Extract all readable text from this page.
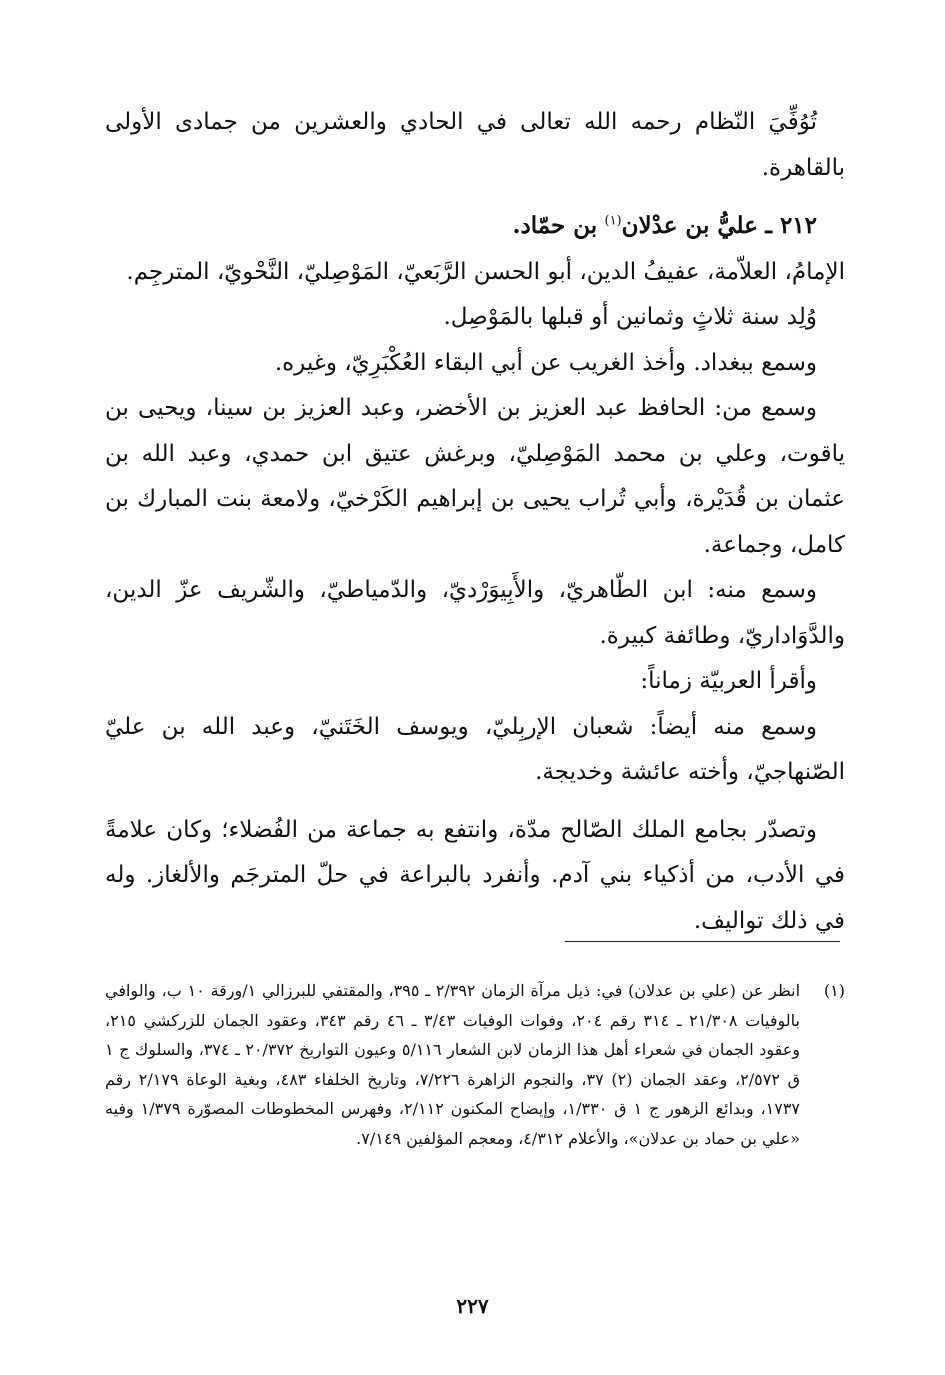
تُوُفِّيَ النّظام رحمه الله تعالى في الحادي والعشرين من جمادى الأولى بالقاهرة.

٢١٢ ـ عليُّ بن عدْلان$^{(١)}$ بن حمّاد.

الإمامُ، العلاّمة، عفيفُ الدين، أبو الحسن الرَّبَعيّ، المَوْصِليّ، النَّحْويّ، المترجِم.

وُلِد سنة ثلاثٍ وثمانين أو قبلها بالمَوْصِل.

وسمع ببغداد. وأخذ الغريب عن أبي البقاء العُكْبَرِيّ، وغيره.

وسمع من: الحافظ عبد العزيز بن الأخضر، وعبد العزيز بن سينا، ويحيى بن ياقوت، وعلي بن محمد المَوْصِليّ، وبرغش عتيق ابن حمدي، وعبد الله بن عثمان بن قُدَيْرة، وأبي تُراب يحيى بن إبراهيم الكَرْخيّ، ولامعة بنت المبارك بن كامل، وجماعة.

وسمع منه: ابن الطّاهريّ، والأَبِيوَرْديّ، والدّمياطيّ، والشّريف عزّ الدين، والدَّوَاداريّ، وطائفة كبيرة.

وأقرأ العربيّة زماناً:

وسمع منه أيضاً: شعبان الإربِليّ، ويوسف الخَتَنيّ، وعبد الله بن عليّ الصّنهاجيّ، وأخته عائشة وخديجة.

وتصدّر بجامع الملك الصّالح مدّة، وانتفع به جماعة من الفُضلاء؛ وكان علامةً في الأدب، من أذكياء بني آدم. وأنفرد بالبراعة في حلّ المترجَم والألغاز. وله في ذلك تواليف.

(١)
انظر عن (علي بن عدلان) في: ذيل مرآة الزمان ٢/٣٩٢ ـ ٣٩٥، والمقتفي للبرزالي ١/ورقة ١٠ ب، والوافي بالوفيات ٢١/٣٠٨ ـ ٣١٤ رقم ٢٠٤، وفوات الوفيات ٣/٤٣ ـ ٤٦ رقم ٣٤٣، وعقود الجمان للزركشي ٢١٥، وعقود الجمان في شعراء أهل هذا الزمان لابن الشعار ٥/١١٦ وعيون التواريخ ٢٠/٣٧٢ ـ ٣٧٤، والسلوك ج ١ ق ٢/٥٧٢، وعقد الجمان (٢) ٣٧، والنجوم الزاهرة ٧/٢٢٦، وتاريخ الخلفاء ٤٨٣، وبغية الوعاة ٢/١٧٩ رقم ١٧٣٧، وبدائع الزهور ج ١ ق ١/٣٣٠، وإيضاح المكنون ٢/١١٢، وفهرس المخطوطات المصوّرة ١/٣٧٩ وفيه «علي بن حماد بن عدلان»، والأعلام ٤/٣١٢، ومعجم المؤلفين ٧/١٤٩.
٢٢٧
